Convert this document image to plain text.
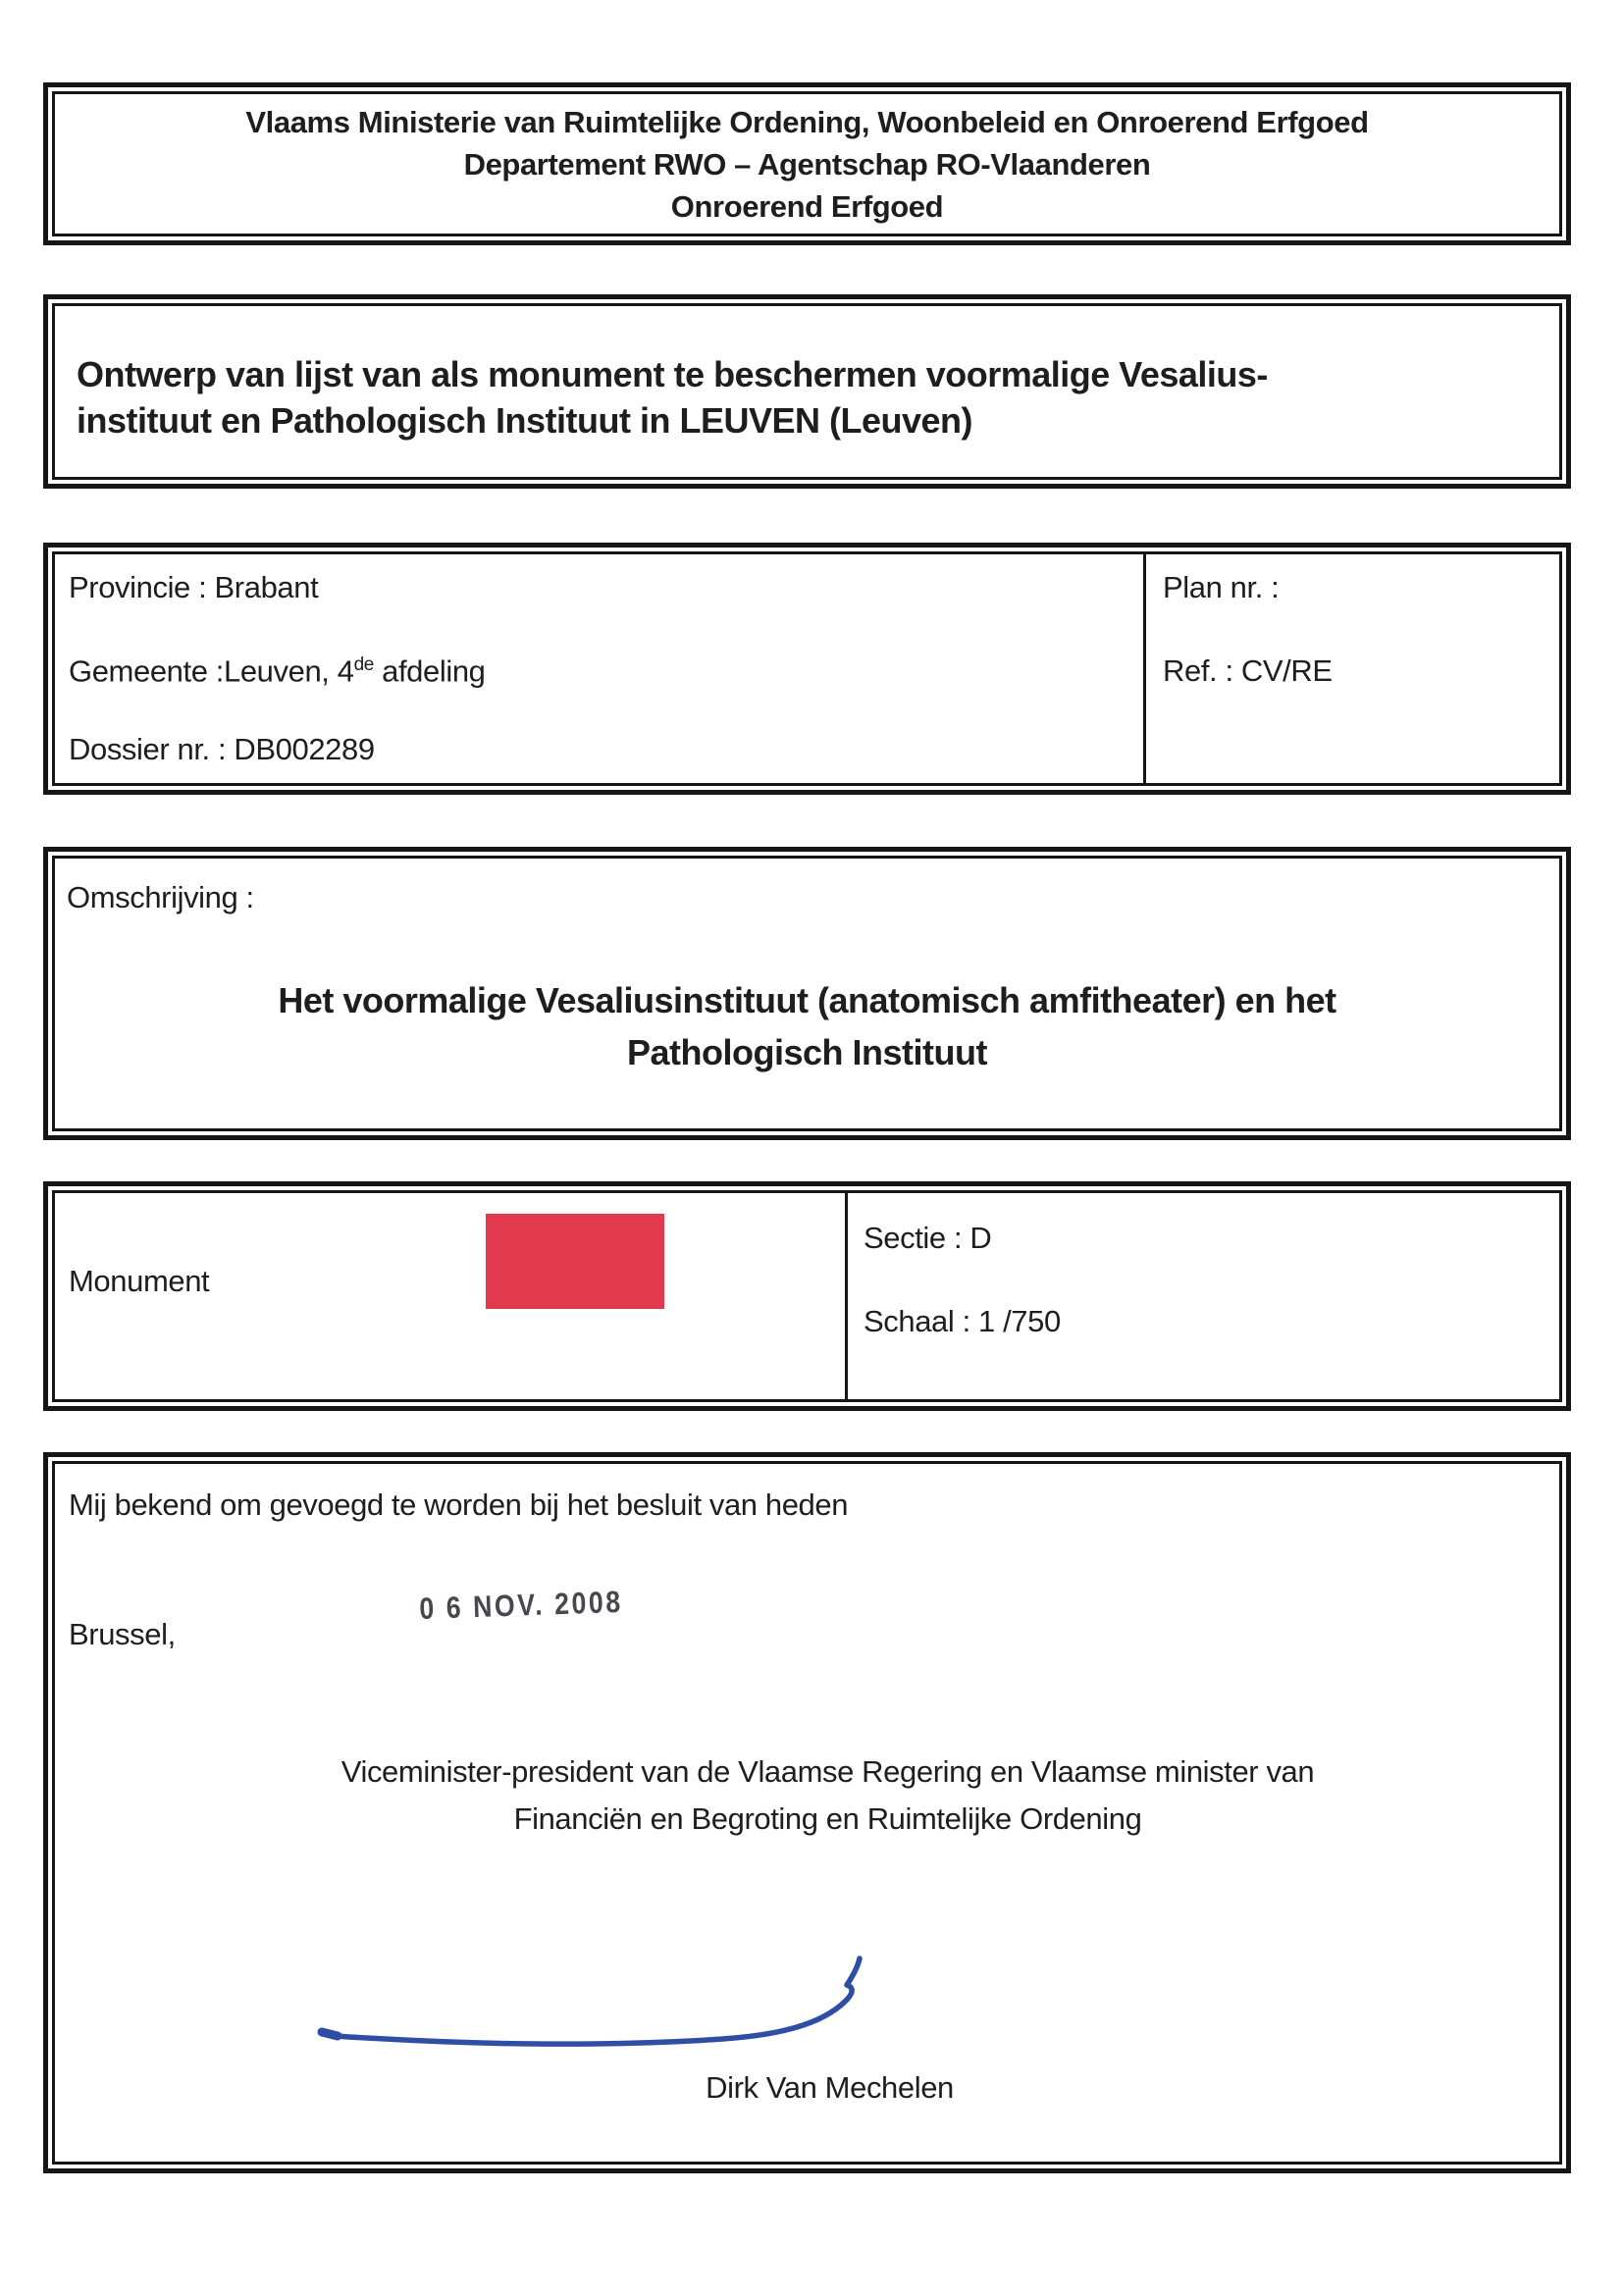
Vlaams Ministerie van Ruimtelijke Ordening, Woonbeleid en Onroerend Erfgoed
Departement RWO – Agentschap RO-Vlaanderen
Onroerend Erfgoed
Ontwerp van lijst van als monument te beschermen voormalige Vesalius-
instituut en Pathologisch Instituut in LEUVEN (Leuven)
Provincie : Brabant
Gemeente :Leuven, 4de afdeling
Dossier nr. : DB002289
Plan nr. :
Ref. : CV/RE
Omschrijving :
Het voormalige Vesaliusinstituut (anatomisch amfitheater) en het
Pathologisch Instituut
Monument
Sectie : D
Schaal : 1 /750
Mij bekend om gevoegd te worden bij het besluit van heden
Brussel,
0 6 NOV. 2008
Viceminister-president van de Vlaamse Regering en Vlaamse minister van
Financiën en Begroting en Ruimtelijke Ordening
Dirk Van Mechelen
